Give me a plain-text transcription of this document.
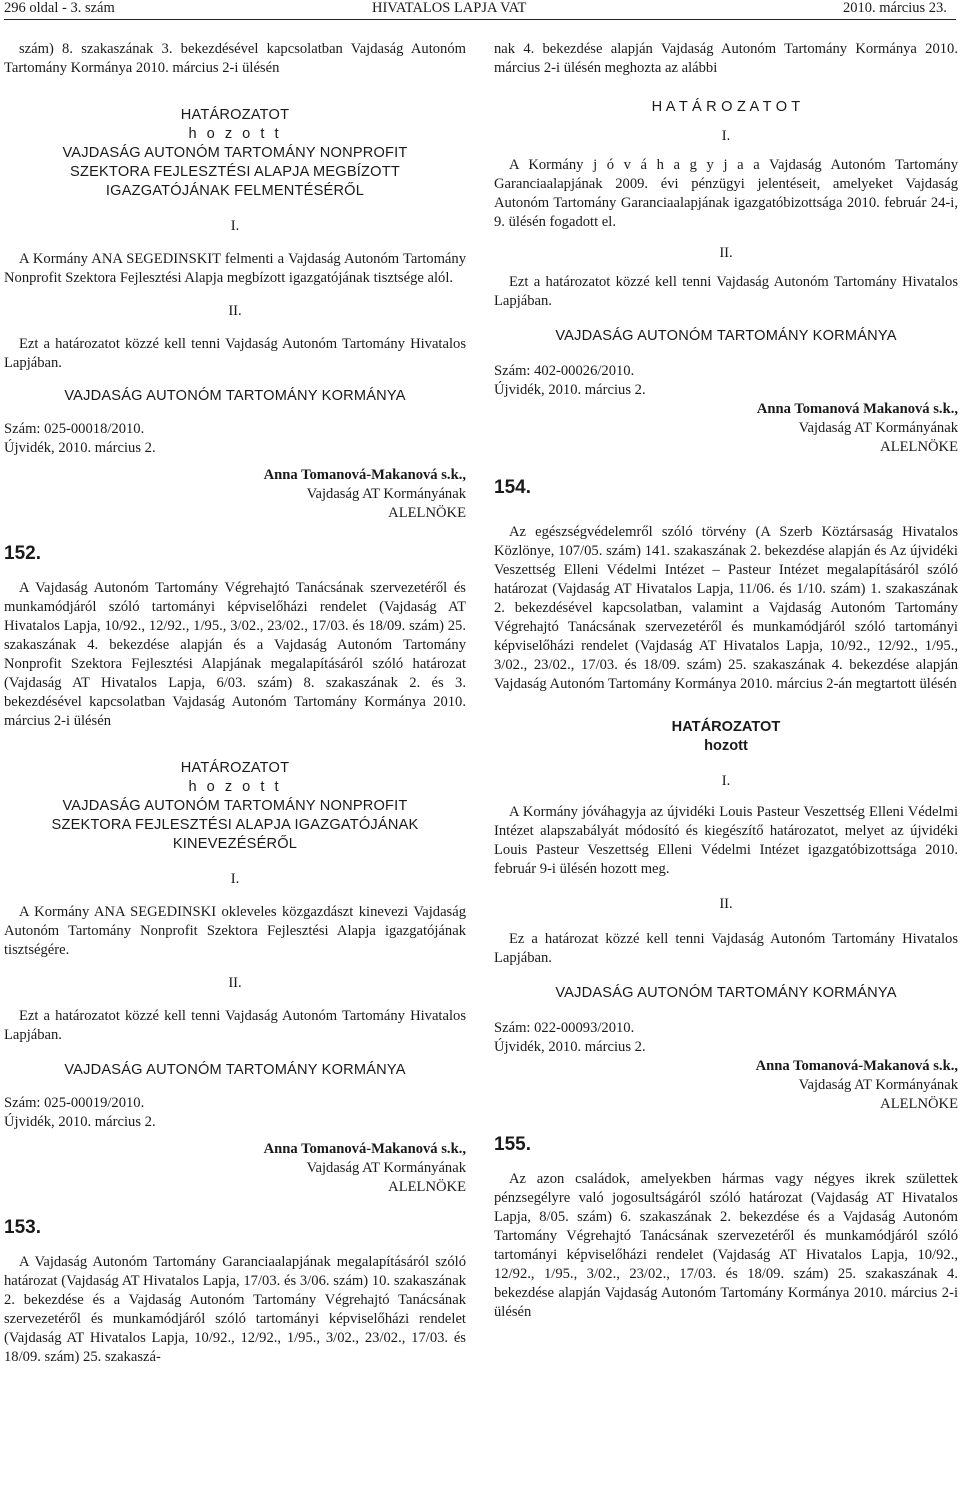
296 oldal - 3. szám	HIVATALOS LAPJA VAT	2010. március 23.

szám) 8. szakaszának 3. bekezdésével kapcsolatban Vajdaság Autonóm Tartomány Kormánya 2010. március 2-i ülésén

HATÁROZATOT

h o z o t t

VAJDASÁG AUTONÓM TARTOMÁNY NONPROFIT

SZEKTORA FEJLESZTÉSI ALAPJA MEGBÍZOTT

IGAZGATÓJÁNAK FELMENTÉSÉRŐL

I.

A Kormány ANA SEGEDINSKIT felmenti a Vajdaság Autonóm Tartomány Nonprofit Szektora Fejlesztési Alapja megbízott igazgatójának tisztsége alól.

II.

Ezt a határozatot közzé kell tenni Vajdaság Autonóm Tartomány Hivatalos Lapjában.

VAJDASÁG AUTONÓM TARTOMÁNY KORMÁNYA

Szám: 025-00018/2010.

Újvidék, 2010. március 2.

Anna Tomanová-Makanová s.k.,

Vajdaság AT Kormányának

ALELNÖKE

152.

A Vajdaság Autonóm Tartomány Végrehajtó Tanácsának szervezetéről és munkamódjáról szóló tartományi képviselőházi rendelet (Vajdaság AT Hivatalos Lapja, 10/92., 12/92., 1/95., 3/02., 23/02., 17/03. és 18/09. szám) 25. szakaszának 4. bekezdése alapján és a Vajdaság Autonóm Tartomány Nonprofit Szektora Fejlesztési Alapjának megalapításáról szóló határozat (Vajdaság AT Hivatalos Lapja, 6/03. szám) 8. szakaszának 2. és 3. bekezdésével kapcsolatban Vajdaság Autonóm Tartomány Kormánya 2010. március 2-i ülésén

HATÁROZATOT

h o z o t t

VAJDASÁG AUTONÓM TARTOMÁNY NONPROFIT

SZEKTORA FEJLESZTÉSI ALAPJA IGAZGATÓJÁNAK

KINEVEZÉSÉRŐL

I.

A Kormány ANA SEGEDINSKI okleveles közgazdászt kinevezi Vajdaság Autonóm Tartomány Nonprofit Szektora Fejlesztési Alapja igazgatójának tisztségére.

II.

Ezt a határozatot közzé kell tenni Vajdaság Autonóm Tartomány Hivatalos Lapjában.

VAJDASÁG AUTONÓM TARTOMÁNY KORMÁNYA

Szám: 025-00019/2010.

Újvidék, 2010. március 2.

Anna Tomanová-Makanová s.k.,

Vajdaság AT Kormányának

ALELNÖKE

153.

A Vajdaság Autonóm Tartomány Garanciaalapjának megalapításáról szóló határozat (Vajdaság AT Hivatalos Lapja, 17/03. és 3/06. szám) 10. szakaszának 2. bekezdése és a Vajdaság Autonóm Tartomány Végrehajtó Tanácsának szervezetéről és munkamódjáról szóló tartományi képviselőházi rendelet (Vajdaság AT Hivatalos Lapja, 10/92., 12/92., 1/95., 3/02., 23/02., 17/03. és 18/09. szám) 25. szakaszá-

nak 4. bekezdése alapján Vajdaság Autonóm Tartomány Kormánya 2010. március 2-i ülésén meghozta az alábbi

H A T Á R O Z A T O T

I.

A Kormány j ó v á h a g y j a a Vajdaság Autonóm Tartomány Garanciaalapjának 2009. évi pénzügyi jelentéseit, amelyeket Vajdaság Autonóm Tartomány Garanciaalapjának igazgatóbizottsága 2010. február 24-i, 9. ülésén fogadott el.

II.

Ezt a határozatot közzé kell tenni Vajdaság Autonóm Tartomány Hivatalos Lapjában.

VAJDASÁG AUTONÓM TARTOMÁNY KORMÁNYA

Szám: 402-00026/2010.

Újvidék, 2010. március 2.

Anna Tomanová Makanová s.k.,

Vajdaság AT Kormányának

ALELNÖKE

154.

Az egészségvédelemről szóló törvény (A Szerb Köztársaság Hivatalos Közlönye, 107/05. szám) 141. szakaszának 2. bekezdése alapján és Az újvidéki Veszettség Elleni Védelmi Intézet – Pasteur Intézet megalapításáról szóló határozat (Vajdaság AT Hivatalos Lapja, 11/06. és 1/10. szám) 1. szakaszának 2. bekezdésével kapcsolatban, valamint a Vajdaság Autonóm Tartomány Végrehajtó Tanácsának szervezetéről és munkamódjáról szóló tartományi képviselőházi rendelet (Vajdaság AT Hivatalos Lapja, 10/92., 12/92., 1/95., 3/02., 23/02., 17/03. és 18/09. szám) 25. szakaszának 4. bekezdése alapján Vajdaság Autonóm Tartomány Kormánya 2010. március 2-án megtartott ülésén

HATÁROZATOT

hozott

I.

A Kormány jóváhagyja az újvidéki Louis Pasteur Veszettség Elleni Védelmi Intézet alapszabályát módosító és kiegészítő határozatot, melyet az újvidéki Louis Pasteur Veszettség Elleni Védelmi Intézet igazgatóbizottsága 2010. február 9-i ülésén hozott meg.

II.

Ez a határozat közzé kell tenni Vajdaság Autonóm Tartomány Hivatalos Lapjában.

VAJDASÁG AUTONÓM TARTOMÁNY KORMÁNYA

Szám: 022-00093/2010.

Újvidék, 2010. március 2.

Anna Tomanová-Makanová s.k.,

Vajdaság AT Kormányának

ALELNÖKE

155.

Az azon családok, amelyekben hármas vagy négyes ikrek születtek pénzsegélyre való jogosultságáról szóló határozat (Vajdaság AT Hivatalos Lapja, 8/05. szám) 6. szakaszának 2. bekezdése és a Vajdaság Autonóm Tartomány Végrehajtó Tanácsának szervezetéről és munkamódjáról szóló tartományi képviselőházi rendelet (Vajdaság AT Hivatalos Lapja, 10/92., 12/92., 1/95., 3/02., 23/02., 17/03. és 18/09. szám) 25. szakaszának 4. bekezdése alapján Vajdaság Autonóm Tartomány Kormánya 2010. március 2-i ülésén
